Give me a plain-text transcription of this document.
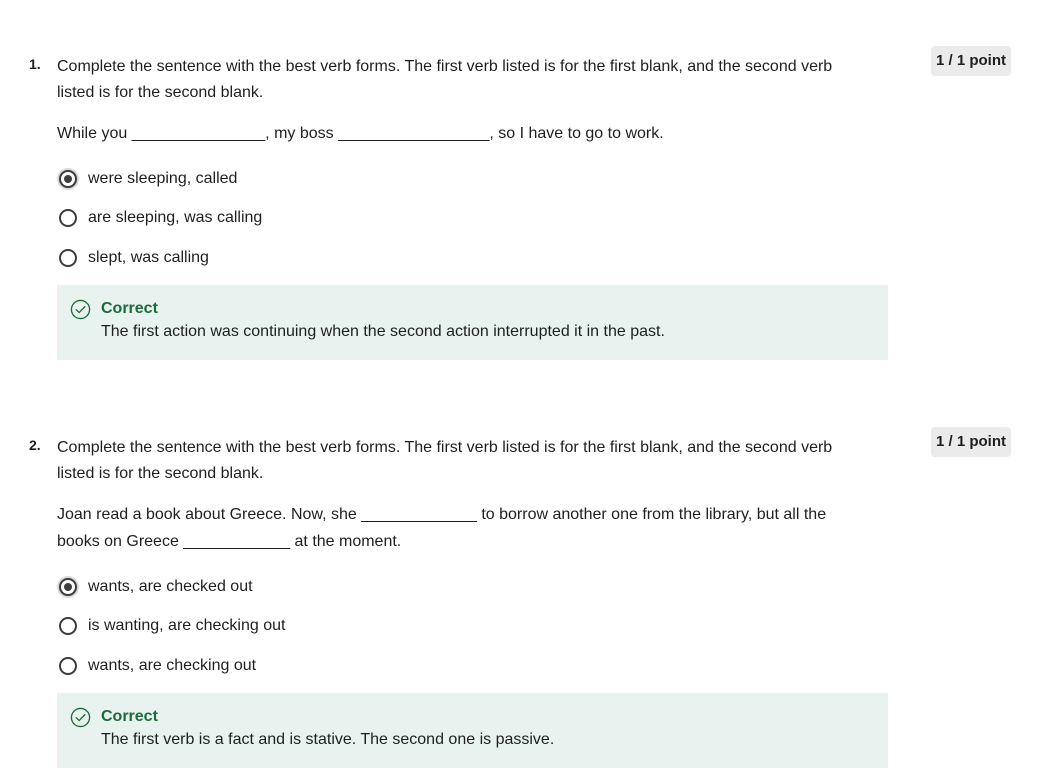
1. Complete the sentence with the best verb forms. The first verb listed is for the first blank, and the second verb listed is for the second blank.
1 / 1 point
While you _______________, my boss _________________, so I have to go to work.
were sleeping, called
are sleeping, was calling
slept, was calling
Correct
The first action was continuing when the second action interrupted it in the past.
2. Complete the sentence with the best verb forms. The first verb listed is for the first blank, and the second verb listed is for the second blank.
1 / 1 point
Joan read a book about Greece. Now, she _____________ to borrow another one from the library, but all the books on Greece ____________ at the moment.
wants, are checked out
is wanting, are checking out
wants, are checking out
Correct
The first verb is a fact and is stative. The second one is passive.
